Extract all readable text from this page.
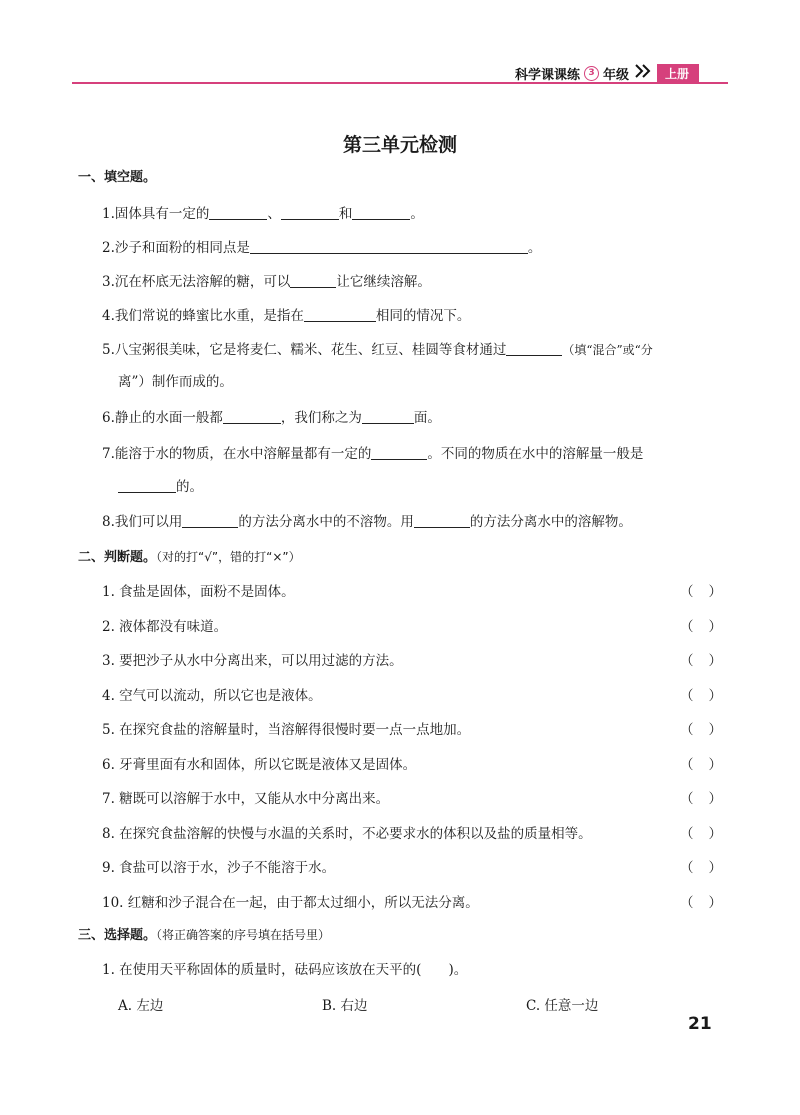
科学课课练 3 年级	上册
第三单元检测
一、填空题。
1.固体具有一定的	、	和	。
2.沙子和面粉的相同点是	。
3.沉在杯底无法溶解的糖，可以	让它继续溶解。
4.我们常说的蜂蜜比水重，是指在	相同的情况下。
5.八宝粥很美味，它是将麦仁、糯米、花生、红豆、桂圆等食材通过	（填“混合”或“分
离”）制作而成的。
6.静止的水面一般都	，我们称之为	面。
7.能溶于水的物质，在水中溶解量都有一定的	。不同的物质在水中的溶解量一般是
的。
8.我们可以用	的方法分离水中的不溶物。用	的方法分离水中的溶解物。
二、判断题。（对的打“√”，错的打“×”）
1. 食盐是固体，面粉不是固体。	（ ）
2. 液体都没有味道。	（ ）
3. 要把沙子从水中分离出来，可以用过滤的方法。	（ ）
4. 空气可以流动，所以它也是液体。	（ ）
5. 在探究食盐的溶解量时，当溶解得很慢时要一点一点地加。	（ ）
6. 牙膏里面有水和固体，所以它既是液体又是固体。	（ ）
7. 糖既可以溶解于水中，又能从水中分离出来。	（ ）
8. 在探究食盐溶解的快慢与水温的关系时，不必要求水的体积以及盐的质量相等。	（ ）
9. 食盐可以溶于水，沙子不能溶于水。	（ ）
10. 红糖和沙子混合在一起，由于都太过细小，所以无法分离。	（ ）
三、选择题。（将正确答案的序号填在括号里）
1. 在使用天平称固体的质量时，砝码应该放在天平的(　　)。
A. 左边	B. 右边	C. 任意一边
21
